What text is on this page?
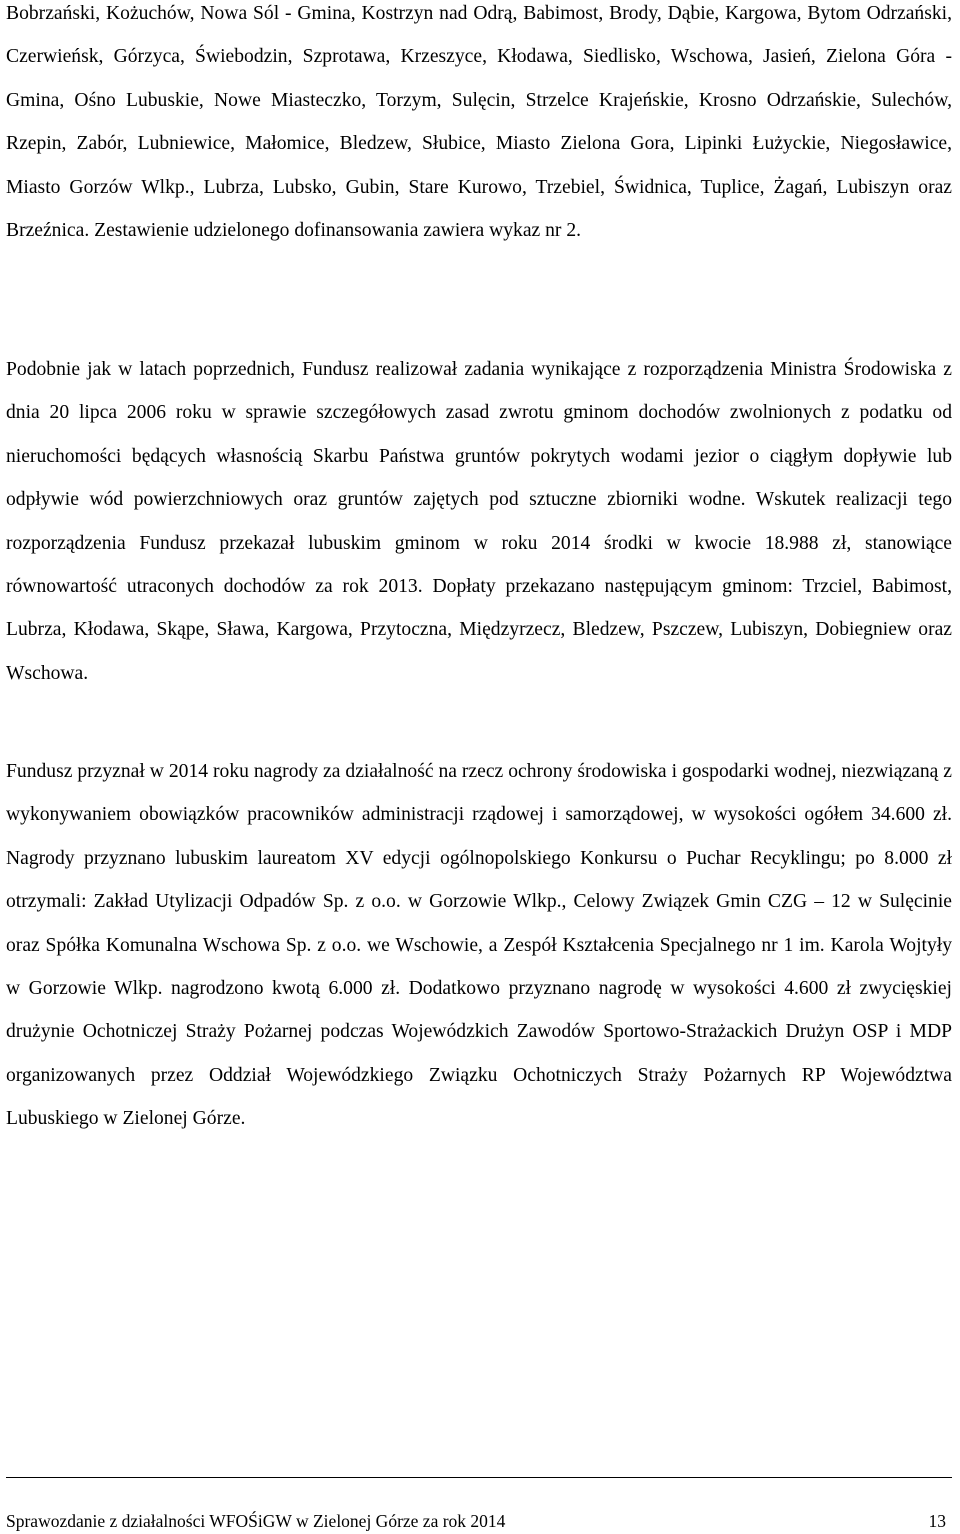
Bobrzański, Kożuchów, Nowa Sól - Gmina, Kostrzyn nad Odrą, Babimost, Brody, Dąbie, Kargowa, Bytom Odrzański, Czerwieńsk, Górzyca, Świebodzin, Szprotawa, Krzeszyce, Kłodawa, Siedlisko, Wschowa, Jasień, Zielona Góra - Gmina, Ośno Lubuskie, Nowe Miasteczko, Torzym, Sulęcin, Strzelce Krajeńskie, Krosno Odrzańskie, Sulechów, Rzepin, Zabór, Lubniewice, Małomice, Bledzew, Słubice, Miasto Zielona Gora, Lipinki Łużyckie, Niegosławice, Miasto Gorzów Wlkp., Lubrza, Lubsko, Gubin, Stare Kurowo, Trzebiel, Świdnica, Tuplice, Żagań, Lubiszyn oraz Brzeźnica. Zestawienie udzielonego dofinansowania zawiera wykaz nr 2.

Podobnie jak w latach poprzednich, Fundusz realizował zadania wynikające z rozporządzenia Ministra Środowiska z dnia 20 lipca 2006 roku w sprawie szczegółowych zasad zwrotu gminom dochodów zwolnionych z podatku od nieruchomości będących własnością Skarbu Państwa gruntów pokrytych wodami jezior o ciągłym dopływie lub odpływie wód powierzchniowych oraz gruntów zajętych pod sztuczne zbiorniki wodne. Wskutek realizacji tego rozporządzenia Fundusz przekazał lubuskim gminom w roku 2014 środki w kwocie 18.988 zł, stanowiące równowartość utraconych dochodów za rok 2013. Dopłaty przekazano następującym gminom: Trzciel, Babimost, Lubrza, Kłodawa, Skąpe, Sława, Kargowa, Przytoczna, Międzyrzecz, Bledzew, Pszczew, Lubiszyn, Dobiegniew oraz Wschowa.

Fundusz przyznał w 2014 roku nagrody za działalność na rzecz ochrony środowiska i gospodarki wodnej, niezwiązaną z wykonywaniem obowiązków pracowników administracji rządowej i samorządowej, w wysokości ogółem 34.600 zł. Nagrody przyznano lubuskim laureatom XV edycji ogólnopolskiego Konkursu o Puchar Recyklingu; po 8.000 zł otrzymali: Zakład Utylizacji Odpadów Sp. z o.o. w Gorzowie Wlkp., Celowy Związek Gmin CZG – 12 w Sulęcinie oraz Spółka Komunalna Wschowa Sp. z o.o. we Wschowie, a Zespół Kształcenia Specjalnego nr 1 im. Karola Wojtyły w Gorzowie Wlkp. nagrodzono kwotą 6.000 zł. Dodatkowo przyznano nagrodę w wysokości 4.600 zł zwycięskiej drużynie Ochotniczej Straży Pożarnej podczas Wojewódzkich Zawodów Sportowo-Strażackich Drużyn OSP i MDP organizowanych przez Oddział Wojewódzkiego Związku Ochotniczych Straży Pożarnych RP Województwa Lubuskiego w Zielonej Górze.

Sprawozdanie z działalności WFOŚiGW w Zielonej Górze za rok 2014	13
